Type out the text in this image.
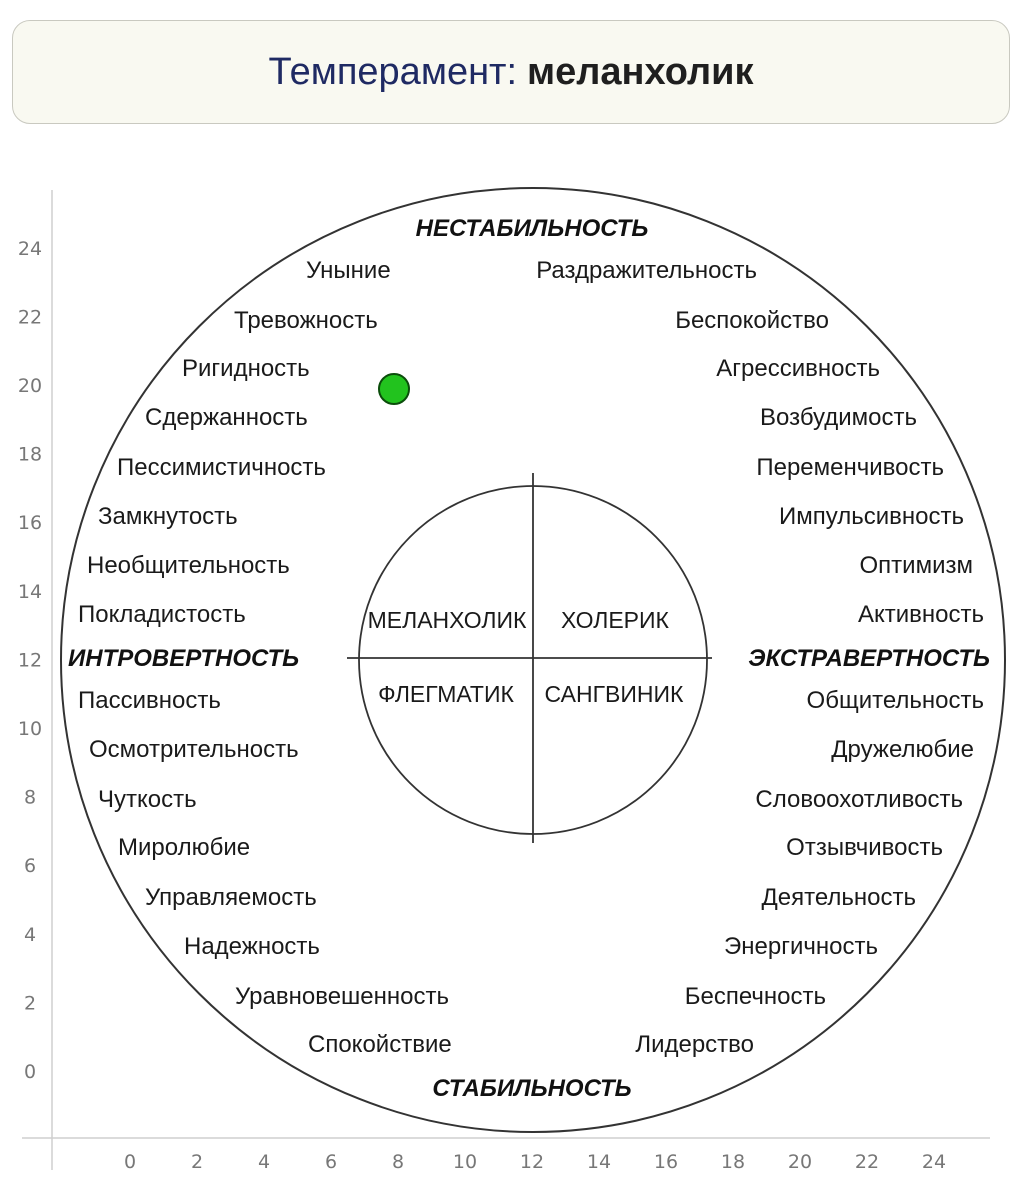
Темперамент: меланхолик
0	2	4	6	8	10 12 14 16 18 20 22 24
0
2
4
6
8
10
12
14
16
18
20
22
24
НЕСТАБИЛЬНОСТЬ
СТАБИЛЬНОСТЬ
ИНТРОВЕРТНОСТЬ	ЭКСТРАВЕРТНОСТЬ
МЕЛАНХОЛИК ХОЛЕРИК
ФЛЕГМАТИК САНГВИНИК
Уныние
Тревожность
Ригидность
Сдержанность
Пессимистичность
Замкнутость
Необщительность
Покладистость
Пассивность
Осмотрительность
Чуткость
Миролюбие
Управляемость
Надежность
Уравновешенность
Спокойствие
Раздражительность
Беспокойство
Агрессивность
Возбудимость
Переменчивость
Импульсивность
Оптимизм
Активность
Общительность
Дружелюбие
Словоохотливость
Отзывчивость
Деятельность
Энергичность
Беспечность
Лидерство
